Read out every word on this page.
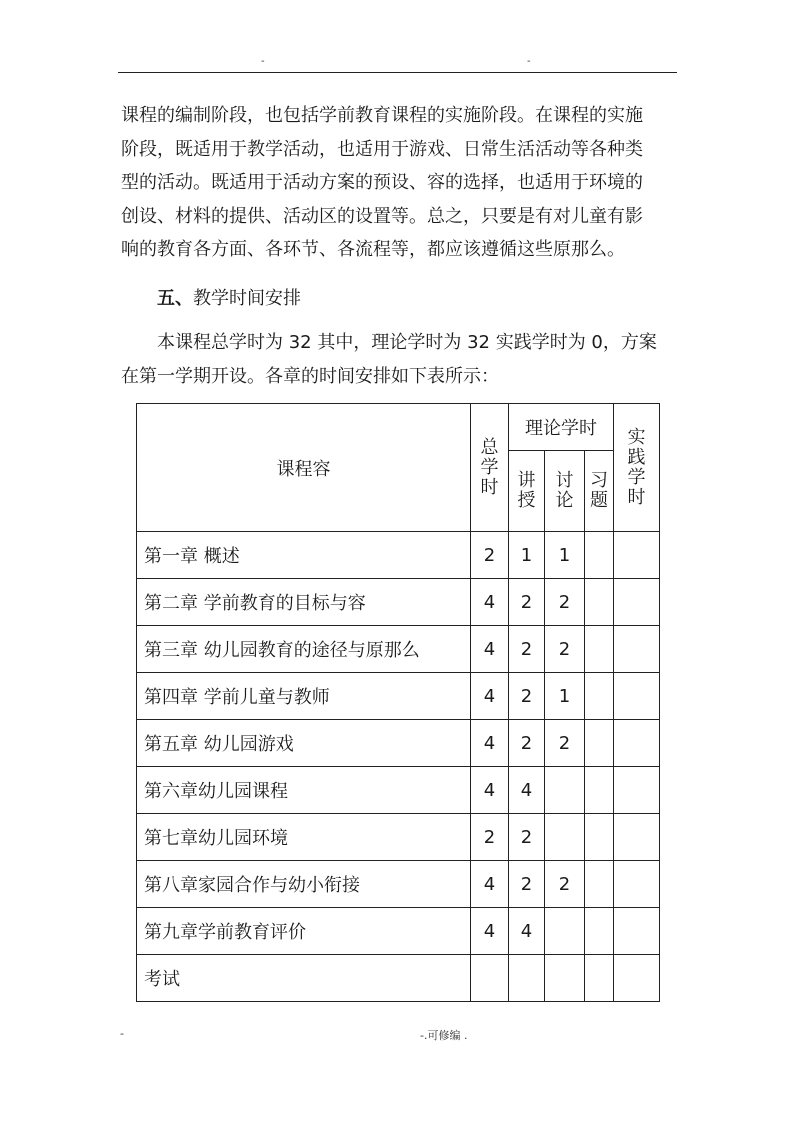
-	-
课程的编制阶段，也包括学前教育课程的实施阶段。在课程的实施
阶段，既适用于教学活动，也适用于游戏、日常生活活动等各种类
型的活动。既适用于活动方案的预设、容的选择，也适用于环境的
创设、材料的提供、活动区的设置等。总之，只要是有对儿童有影
响的教育各方面、各环节、各流程等，都应该遵循这些原那么。
五、教学时间安排
本课程总学时为 32 其中，理论学时为 32 实践学时为 0，方案
在第一学期开设。各章的时间安排如下表所示：
课程容	总学时	理论学时			实践学时
		讲授	讨论	习题	
第一章 概述	2	1	1		
第二章 学前教育的目标与容	4	2	2		
第三章 幼儿园教育的途径与原那么	4	2	2		
第四章 学前儿童与教师	4	2	1		
第五章 幼儿园游戏	4	2	2		
第六章幼儿园课程	4	4			
第七章幼儿园环境	2	2			
第八章家园合作与幼小衔接	4	2	2		
第九章学前教育评价	4	4			
考试					
-	-.可修编 .
